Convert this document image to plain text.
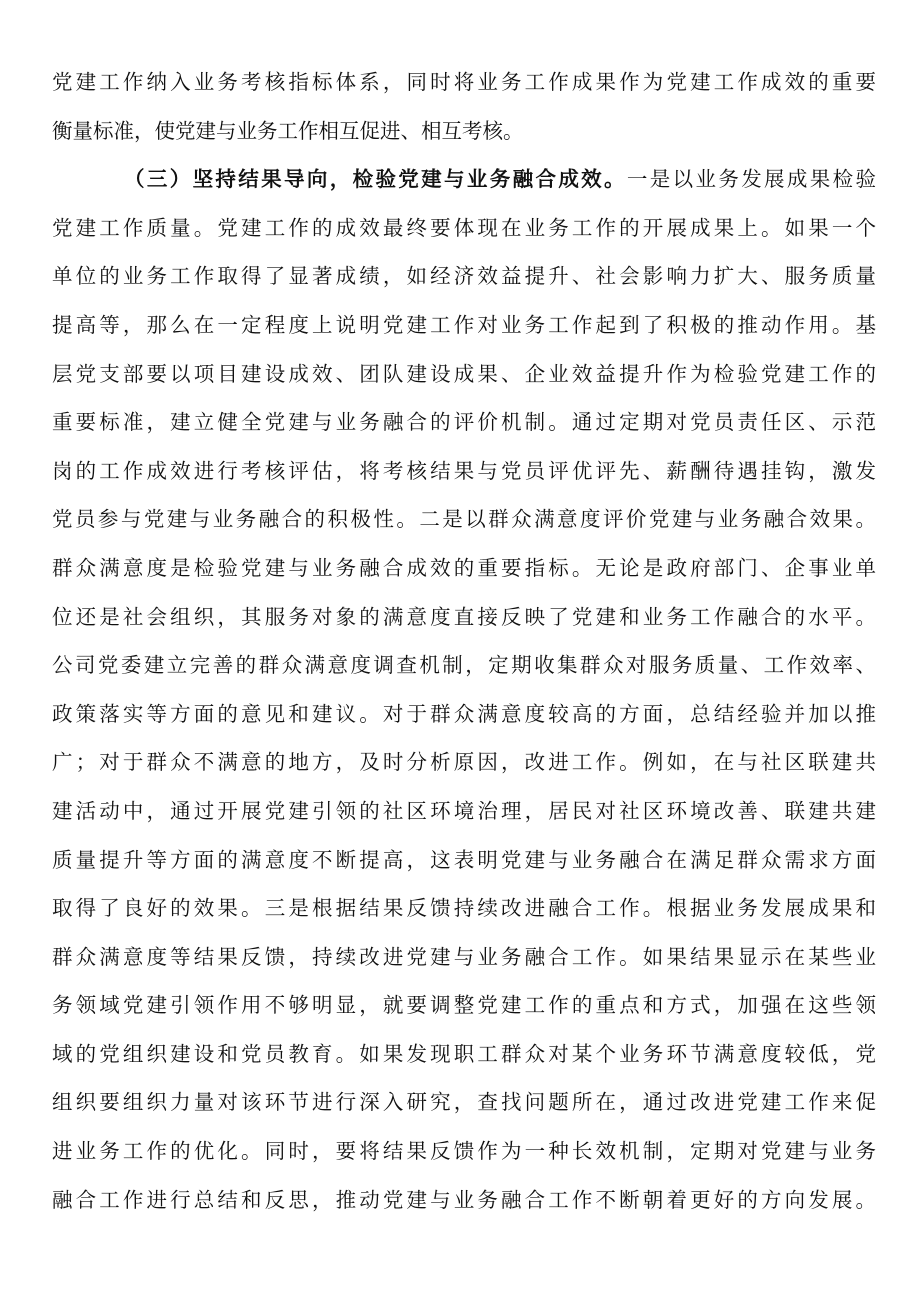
党建工作纳入业务考核指标体系，同时将业务工作成果作为党建工作成效的重要
衡量标准，使党建与业务工作相互促进、相互考核。
（三）坚持结果导向，检验党建与业务融合成效。一是以业务发展成果检验
党建工作质量。党建工作的成效最终要体现在业务工作的开展成果上。如果一个
单位的业务工作取得了显著成绩，如经济效益提升、社会影响力扩大、服务质量
提高等，那么在一定程度上说明党建工作对业务工作起到了积极的推动作用。基
层党支部要以项目建设成效、团队建设成果、企业效益提升作为检验党建工作的
重要标准，建立健全党建与业务融合的评价机制。通过定期对党员责任区、示范
岗的工作成效进行考核评估，将考核结果与党员评优评先、薪酬待遇挂钩，激发
党员参与党建与业务融合的积极性。二是以群众满意度评价党建与业务融合效果。
群众满意度是检验党建与业务融合成效的重要指标。无论是政府部门、企事业单
位还是社会组织，其服务对象的满意度直接反映了党建和业务工作融合的水平。
公司党委建立完善的群众满意度调查机制，定期收集群众对服务质量、工作效率、
政策落实等方面的意见和建议。对于群众满意度较高的方面，总结经验并加以推
广；对于群众不满意的地方，及时分析原因，改进工作。例如，在与社区联建共
建活动中，通过开展党建引领的社区环境治理，居民对社区环境改善、联建共建
质量提升等方面的满意度不断提高，这表明党建与业务融合在满足群众需求方面
取得了良好的效果。三是根据结果反馈持续改进融合工作。根据业务发展成果和
群众满意度等结果反馈，持续改进党建与业务融合工作。如果结果显示在某些业
务领域党建引领作用不够明显，就要调整党建工作的重点和方式，加强在这些领
域的党组织建设和党员教育。如果发现职工群众对某个业务环节满意度较低，党
组织要组织力量对该环节进行深入研究，查找问题所在，通过改进党建工作来促
进业务工作的优化。同时，要将结果反馈作为一种长效机制，定期对党建与业务
融合工作进行总结和反思，推动党建与业务融合工作不断朝着更好的方向发展。
